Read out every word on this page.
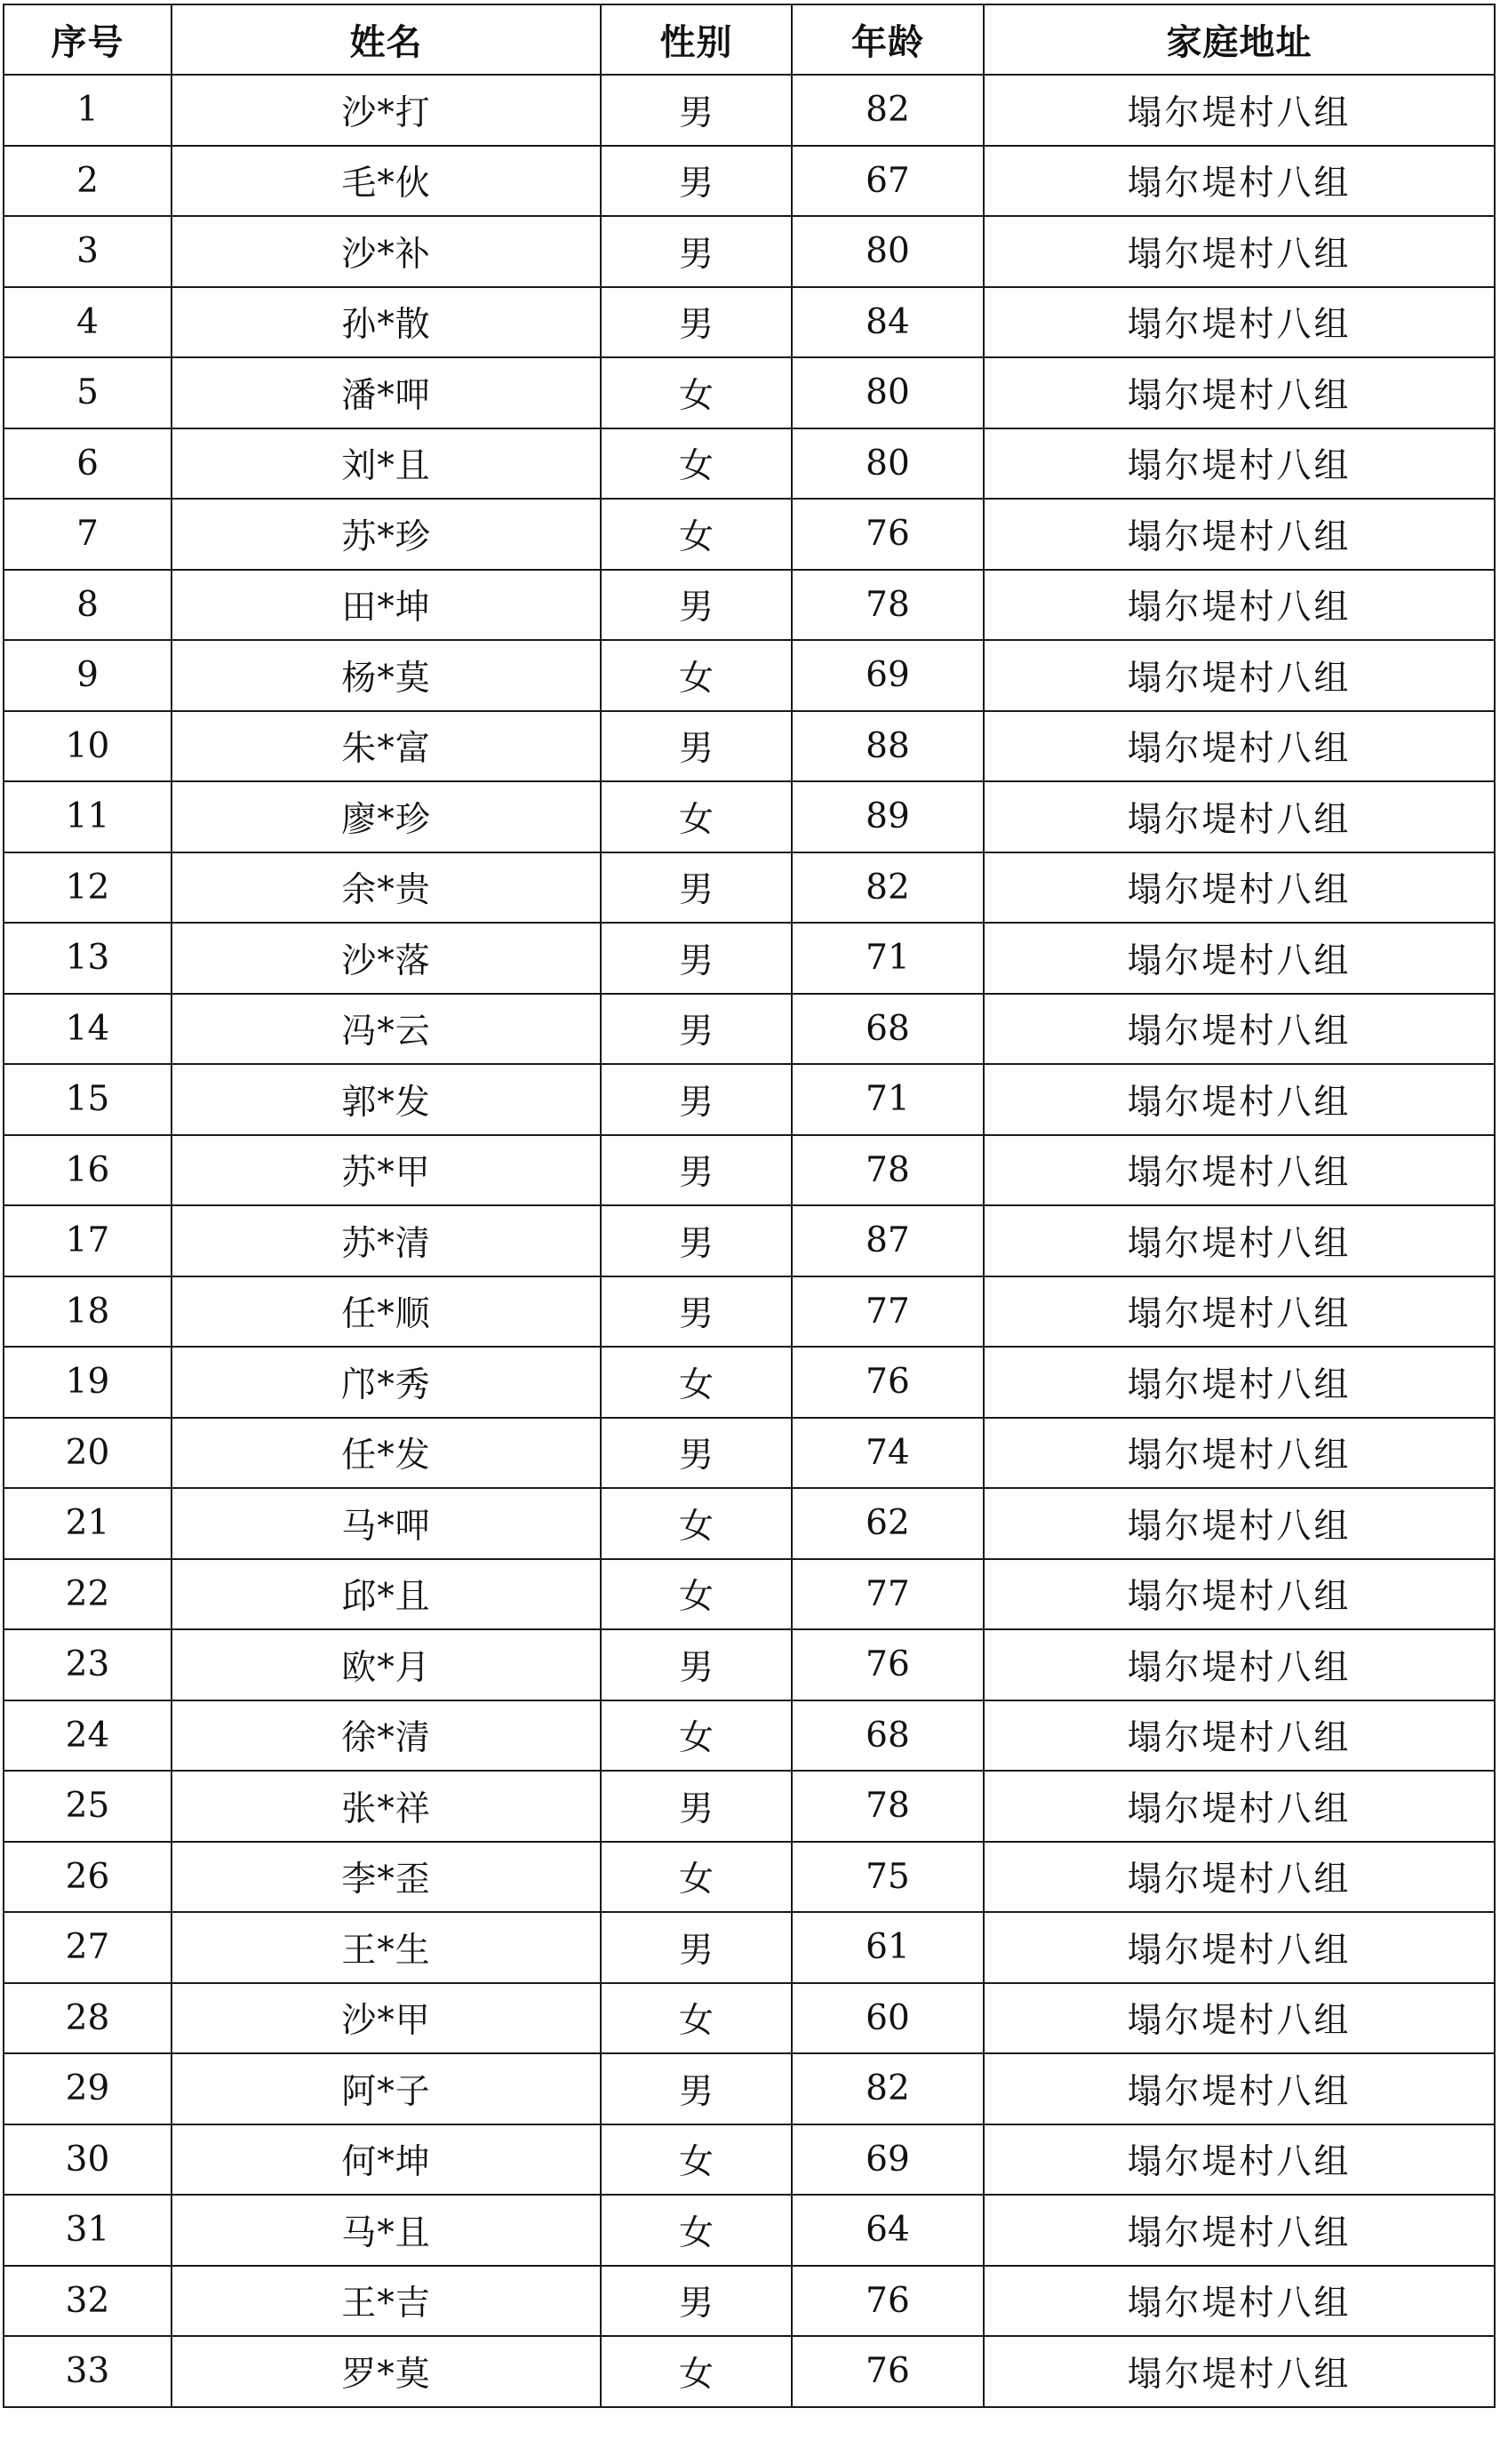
序号	姓名	性别	年龄	家庭地址
1	沙*打	男	82	塌尔堤村八组
2	毛*伙	男	67	塌尔堤村八组
3	沙*补	男	80	塌尔堤村八组
4	孙*散	男	84	塌尔堤村八组
5	潘*呷	女	80	塌尔堤村八组
6	刘*且	女	80	塌尔堤村八组
7	苏*珍	女	76	塌尔堤村八组
8	田*坤	男	78	塌尔堤村八组
9	杨*莫	女	69	塌尔堤村八组
10	朱*富	男	88	塌尔堤村八组
11	廖*珍	女	89	塌尔堤村八组
12	余*贵	男	82	塌尔堤村八组
13	沙*落	男	71	塌尔堤村八组
14	冯*云	男	68	塌尔堤村八组
15	郭*发	男	71	塌尔堤村八组
16	苏*甲	男	78	塌尔堤村八组
17	苏*清	男	87	塌尔堤村八组
18	任*顺	男	77	塌尔堤村八组
19	邝*秀	女	76	塌尔堤村八组
20	任*发	男	74	塌尔堤村八组
21	马*呷	女	62	塌尔堤村八组
22	邱*且	女	77	塌尔堤村八组
23	欧*月	男	76	塌尔堤村八组
24	徐*清	女	68	塌尔堤村八组
25	张*祥	男	78	塌尔堤村八组
26	李*歪	女	75	塌尔堤村八组
27	王*生	男	61	塌尔堤村八组
28	沙*甲	女	60	塌尔堤村八组
29	阿*子	男	82	塌尔堤村八组
30	何*坤	女	69	塌尔堤村八组
31	马*且	女	64	塌尔堤村八组
32	王*吉	男	76	塌尔堤村八组
33	罗*莫	女	76	塌尔堤村八组
